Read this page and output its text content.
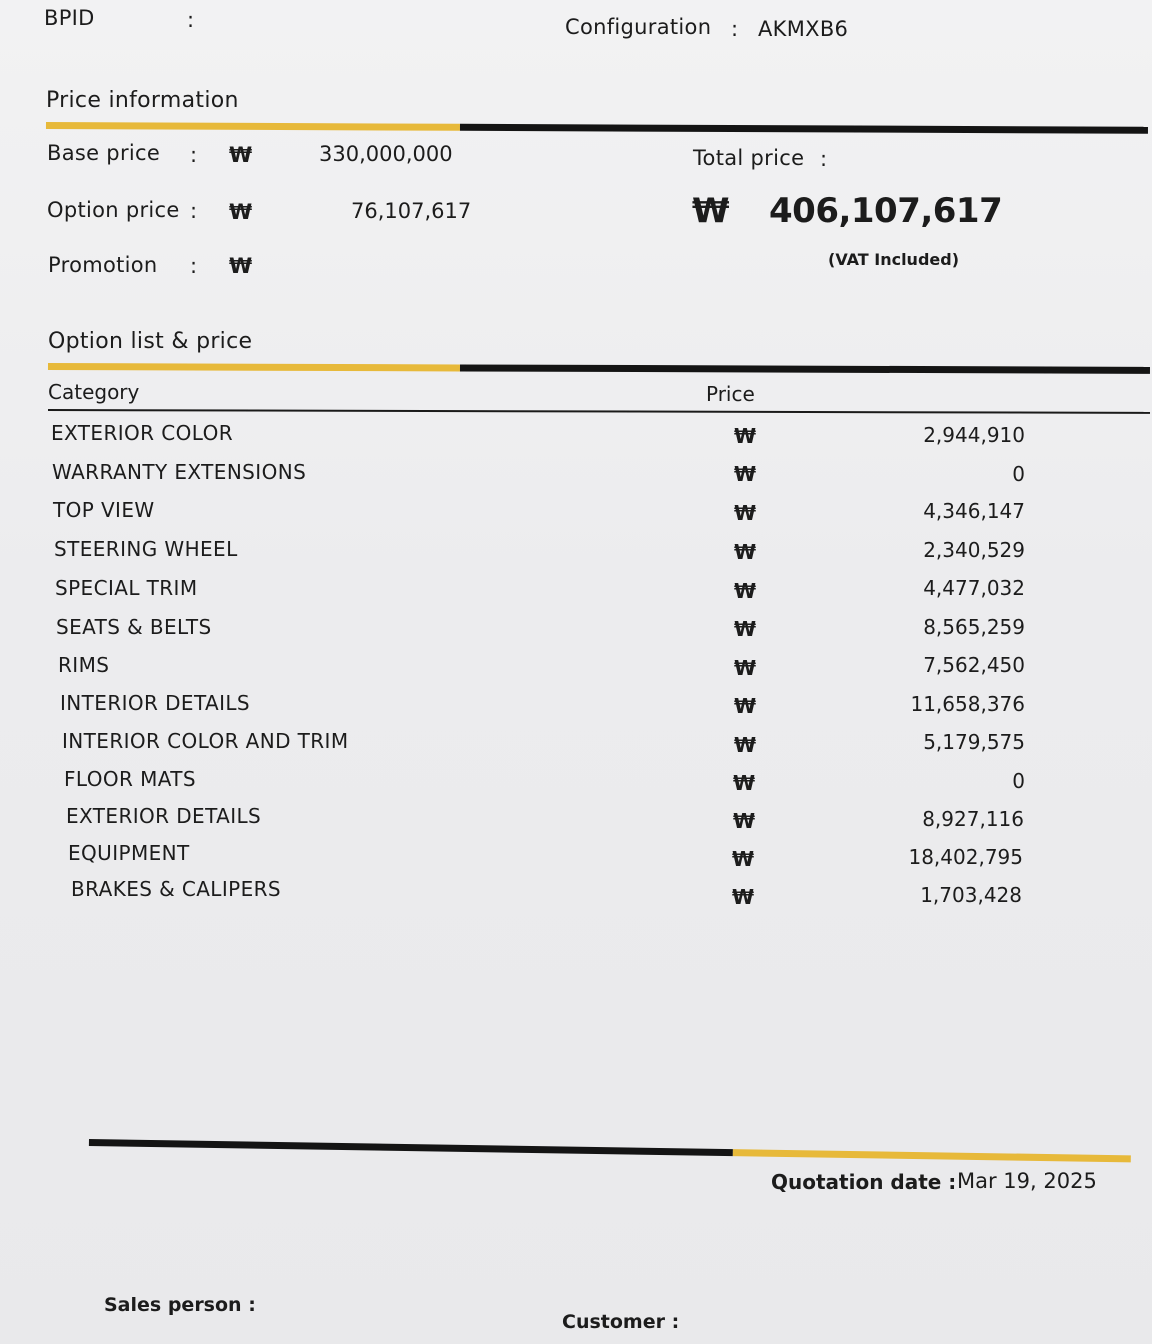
BPID	:	Configuration : AKMXB6
Price information
Base price : ₩	330,000,000
Option price : ₩	76,107,617
Promotion : ₩
Total price :
₩ 406,107,617
(VAT Included)
Option list & price
Category	Price
EXTERIOR COLOR	₩	2,944,910
WARRANTY EXTENSIONS	₩	0
TOP VIEW	₩	4,346,147
STEERING WHEEL	₩	2,340,529
SPECIAL TRIM	₩	4,477,032
SEATS & BELTS	₩	8,565,259
RIMS	₩	7,562,450
INTERIOR DETAILS	₩	11,658,376
INTERIOR COLOR AND TRIM	₩	5,179,575
FLOOR MATS	₩	0
EXTERIOR DETAILS	₩	8,927,116
EQUIPMENT	₩	18,402,795
BRAKES & CALIPERS	₩	1,703,428
Quotation date : Mar 19, 2025
Sales person :
Customer :
